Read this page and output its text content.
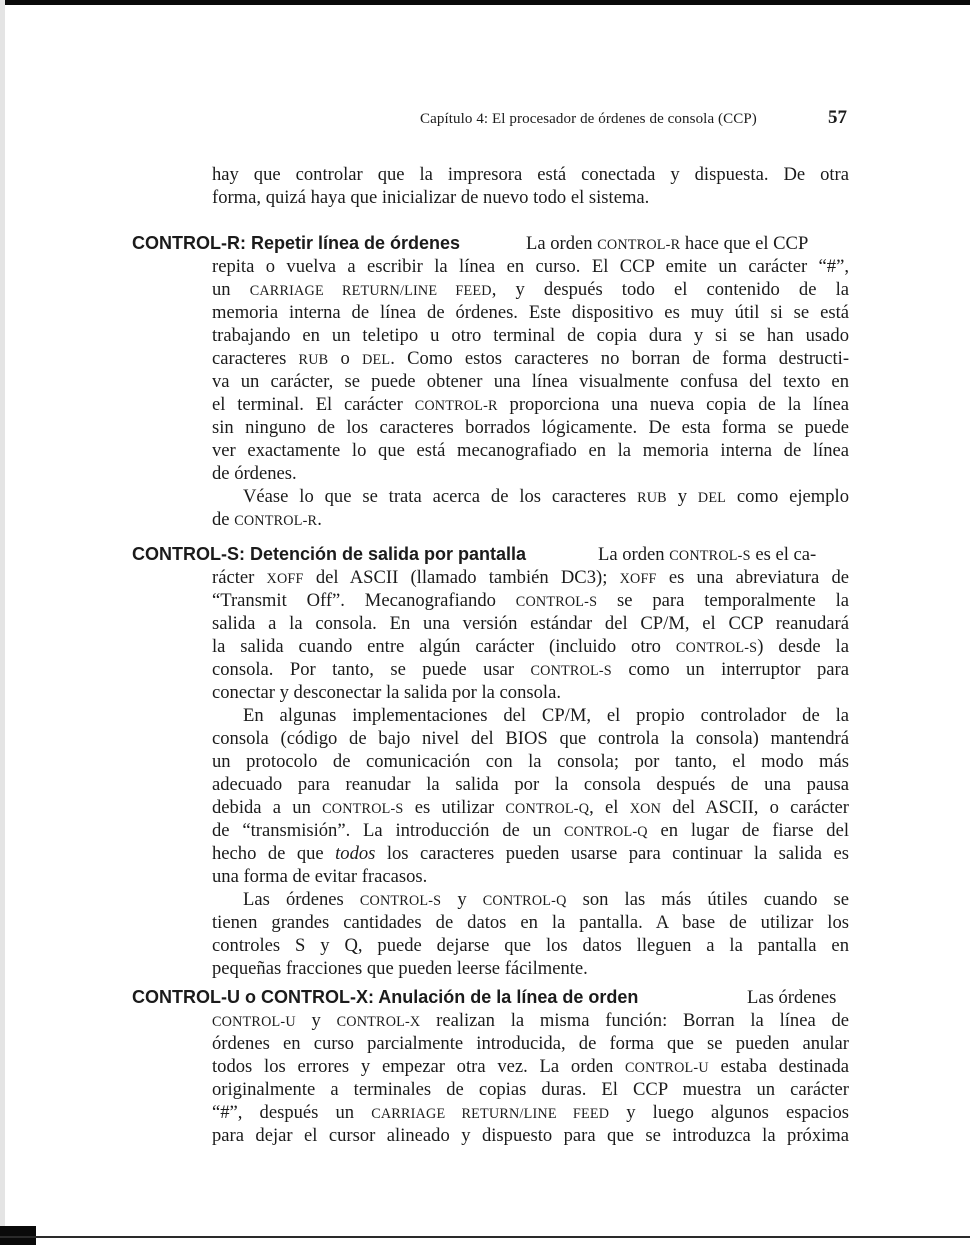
Capítulo 4: El procesador de órdenes de consola (CCP)	57
hay que controlar que la impresora está conectada y dispuesta. De otra
forma, quizá haya que inicializar de nuevo todo el sistema.
CONTROL-R: Repetir línea de órdenes	La orden CONTROL-R hace que el CCP
repita o vuelva a escribir la línea en curso. El CCP emite un carácter “#”,
un CARRIAGE RETURN/LINE FEED, y después todo el contenido de la
memoria interna de línea de órdenes. Este dispositivo es muy útil si se está
trabajando en un teletipo u otro terminal de copia dura y si se han usado
caracteres RUB o DEL. Como estos caracteres no borran de forma destructi-
va un carácter, se puede obtener una línea visualmente confusa del texto en
el terminal. El carácter CONTROL-R proporciona una nueva copia de la línea
sin ninguno de los caracteres borrados lógicamente. De esta forma se puede
ver exactamente lo que está mecanografiado en la memoria interna de línea
de órdenes.
Véase lo que se trata acerca de los caracteres RUB y DEL como ejemplo
de CONTROL-R.
CONTROL-S: Detención de salida por pantalla	La orden CONTROL-S es el ca-
rácter XOFF del ASCII (llamado también DC3); XOFF es una abreviatura de
“Transmit Off”. Mecanografiando CONTROL-S se para temporalmente la
salida a la consola. En una versión estándar del CP/M, el CCP reanudará
la salida cuando entre algún carácter (incluido otro CONTROL-S) desde la
consola. Por tanto, se puede usar CONTROL-S como un interruptor para
conectar y desconectar la salida por la consola.
En algunas implementaciones del CP/M, el propio controlador de la
consola (código de bajo nivel del BIOS que controla la consola) mantendrá
un protocolo de comunicación con la consola; por tanto, el modo más
adecuado para reanudar la salida por la consola después de una pausa
debida a un CONTROL-S es utilizar CONTROL-Q, el XON del ASCII, o carácter
de “transmisión”. La introducción de un CONTROL-Q en lugar de fiarse del
hecho de que todos los caracteres pueden usarse para continuar la salida es
una forma de evitar fracasos.
Las órdenes CONTROL-S y CONTROL-Q son las más útiles cuando se
tienen grandes cantidades de datos en la pantalla. A base de utilizar los
controles S y Q, puede dejarse que los datos lleguen a la pantalla en
pequeñas fracciones que pueden leerse fácilmente.
CONTROL-U o CONTROL-X: Anulación de la línea de orden	Las órdenes
CONTROL-U y CONTROL-X realizan la misma función: Borran la línea de
órdenes en curso parcialmente introducida, de forma que se pueden anular
todos los errores y empezar otra vez. La orden CONTROL-U estaba destinada
originalmente a terminales de copias duras. El CCP muestra un carácter
“#”, después un CARRIAGE RETURN/LINE FEED y luego algunos espacios
para dejar el cursor alineado y dispuesto para que se introduzca la próxima
